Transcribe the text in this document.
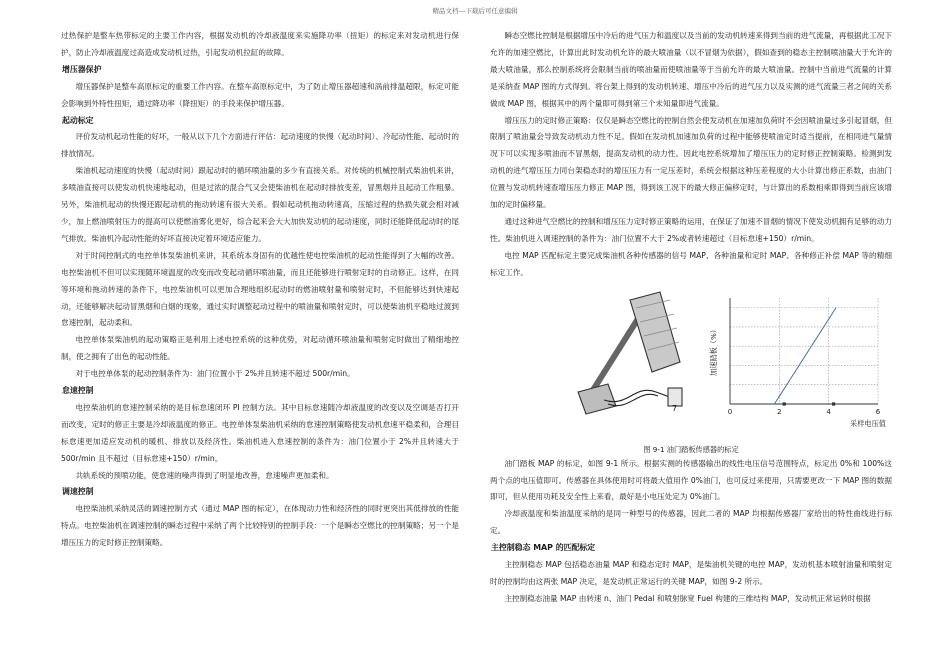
精品文档---下载后可任意编辑

过热保护是整车热带标定的主要工作内容，根据发动机的冷却液温度来实施降功率（扭矩）的标定来对发动机进行保护，防止冷却液温度过高造成发动机过热，引起发动机拉缸的故障。

增压器保护

增压器保护是整车高原标定的重要工作内容。在整车高原标定中，为了防止增压器超速和涡前排温超限，标定可能会影响到外特性扭矩，通过降功率（降扭矩）的手段来保护增压器。

起动标定

评价发动机起动性能的好坏，一般从以下几个方面进行评估：起动速度的快慢（起动时间）、冷起动性能、起动时的排放情况。

柴油机起动速度的快慢（起动时间）跟起动时的循环喷油量的多少有直接关系。对传统的机械控制式柴油机来讲，多喷油直接可以使发动机快速地起动，但是过浓的混合气又会使柴油机在起动时排放变差，冒黑烟并且起动工作粗暴。另外，柴油机起动的快慢还跟起动机的拖动转速有很大关系。假如起动机拖动转速高，压缩过程的热损失就会相对减少，加上燃油喷射压力的提高可以使燃油雾化更好，综合起来会大大加快发动机的起动速度，同时还能降低起动时的尾气排放。柴油机冷起动性能的好坏直接决定着环境适应能力。

对于时间控制式的电控单体泵柴油机来讲，其系统本身固有的优越性使电控柴油机的起动性能得到了大幅的改善。电控柴油机不但可以实现随环境温度的改变而改变起动循环喷油量，而且还能够进行喷射定时的自动修正。这样，在同等环境和拖动转速的条件下，电控柴油机可以更加合理地组织起动时的燃油喷射量和喷射定时，不但能够达到快速起动，还能够解决起动冒黑烟和白烟的现象，通过实时调整起动过程中的喷油量和喷射定时，可以使柴油机平稳地过渡到怠速控制，起动柔和。

电控单体泵柴油机的起动策略正是利用上述电控系统的这种优势，对起动循环喷油量和喷射定时做出了精细地控制，使之拥有了出色的起动性能。

对于电控单体泵的起动控制条件为：油门位置小于 2%并且转速不超过 500r/min。

怠速控制

电控柴油机的怠速控制采纳的是目标怠速闭环 PI 控制方法。其中目标怠速随冷却液温度的改变以及空调是否打开而改变，定时的修正主要是冷却液温度的修正。电控单体泵柴油机采纳的怠速控制策略使发动机怠速平稳柔和，合理目标怠速更加适应发动机的暖机、排放以及经济性。柴油机进入怠速控制的条件为：油门位置小于 2%并且转速大于 500r/min 且不超过（目标怠速+150）r/min。

共轨系统的预喷功能，使怠速的噪声得到了明显地改善，怠速噪声更加柔和。

调速控制

电控柴油机采纳灵活的调速控制方式（通过 MAP 图的标定），在体现动力性和经济性的同时更突出其低排放的性能特点。电控柴油机在调速控制的瞬态过程中采纳了两个比较特别的控制手段：一个是瞬态空燃比的控制策略；另一个是增压压力的定时修正控制策略。

瞬态空燃比控制是根据增压中冷后的进气压力和温度以及当前的发动机转速来得到当前的进气流量，再根据此工况下允许的加速空燃比，计算出此时发动机允许的最大喷油量（以不冒烟为依据），假如查到的稳态主控制喷油量大于允许的最大喷油量，那么控制系统将会限制当前的喷油量而使喷油量等于当前允许的最大喷油量。控制中当前进气流量的计算是采纳查 MAP 图的方式得到。将台架上得到的发动机转速、增压中冷后的进气压力以及实测的进气流量三者之间的关系做成 MAP 图，根据其中的两个量即可得到第三个未知量即进气流量。

增压压力的定时修正策略：仅仅是瞬态空燃比的控制自然会使发动机在加速加负荷时不会因喷油量过多引起冒烟，但限制了喷油量会导致发动机动力性不足。假如在发动机加速加负荷的过程中能够使喷油定时适当提前，在相同进气量情况下可以实现多喷油而不冒黑烟，提高发动机的动力性。因此电控系统增加了增压压力的定时修正控制策略。检测到发动机的进气增压压力同台架稳态时的增压压力有一定压差时，系统会根据这种压差程度的大小计算出修正系数，由油门位置与发动机转速查增压压力修正 MAP 图，得到该工况下的最大修正偏移定时，与计算出的系数相乘即得到当前应该增加的定时偏移量。

通过这种进气空燃比的控制和增压压力定时修正策略的运用，在保证了加速不冒烟的情况下使发动机拥有足够的动力性。柴油机进入调速控制的条件为：油门位置不大于 2%或者转速超过（目标怠速+150）r/min。

电控 MAP 匹配标定主要完成柴油机各种传感器的信号 MAP、各种油量和定时 MAP、各种修正补偿 MAP 等的精细标定工作。

7	0	2	4	6
采样电压值
加速踏板（%）
图 9-1 油门踏板传感器的标定

油门踏板 MAP 的标定，如图 9-1 所示。根据实测的传感器输出的线性电压信号范围特点，标定出 0%和 100%这两个点的电压值即可。传感器在具体使用时可将最大值用作 0%油门，也可反过来使用，只需要更改一下 MAP 图的数据即可，但从使用功耗及安全性上来看，最好是小电压处定为 0%油门。

冷却液温度和柴油温度采纳的是同一种型号的传感器，因此二者的 MAP 均根据传感器厂家给出的特性曲线进行标定。

主控制稳态 MAP 的匹配标定

主控制稳态 MAP 包括稳态油量 MAP 和稳态定时 MAP，是柴油机关键的电控 MAP，发动机基本喷射油量和喷射定时的控制均由这两张 MAP 决定，是发动机正常运行的关键 MAP，如图 9-2 所示。

主控制稳态油量 MAP 由转速 n、油门 Pedal 和喷射脉宽 Fuel 构建的三维结构 MAP，发动机正常运转时根据
